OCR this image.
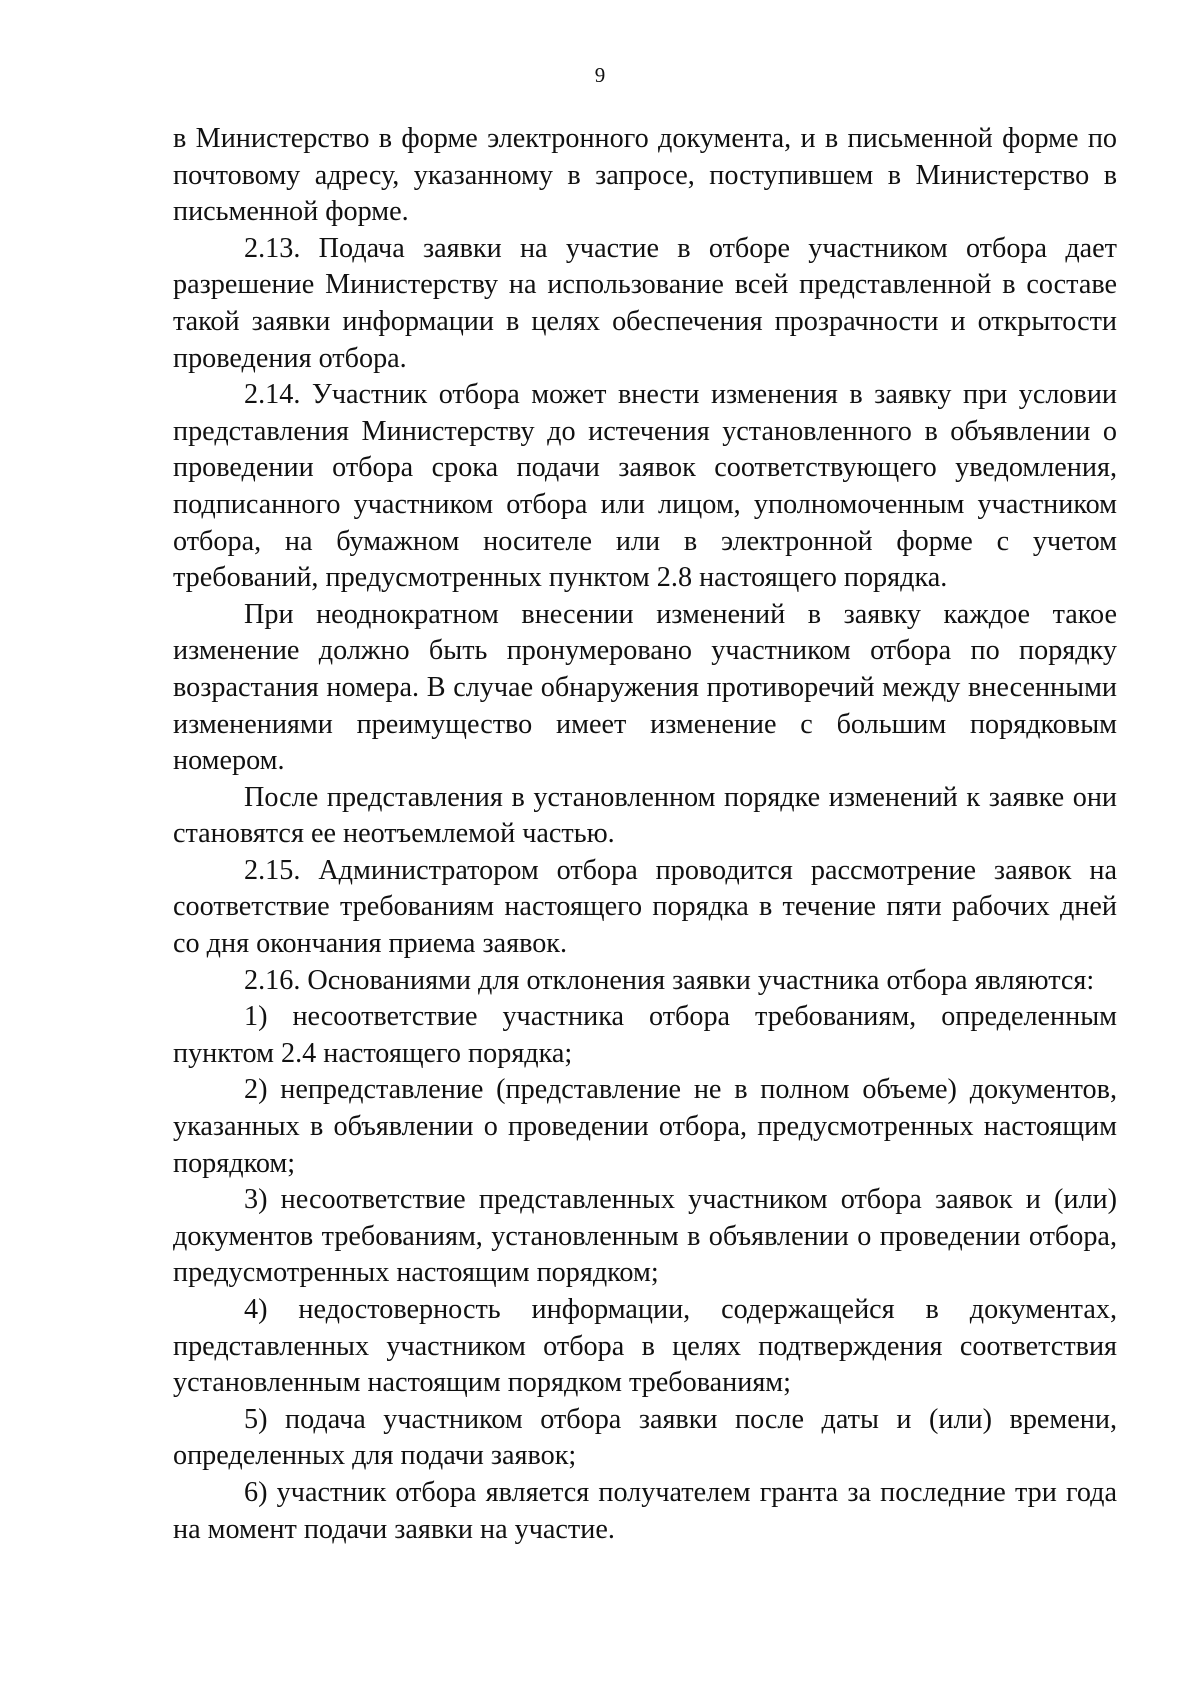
9

в Министерство в форме электронного документа, и в письменной форме по почтовому адресу, указанному в запросе, поступившем в Министерство в письменной форме.

2.13. Подача заявки на участие в отборе участником отбора дает разрешение Министерству на использование всей представленной в составе такой заявки информации в целях обеспечения прозрачности и открытости проведения отбора.

2.14. Участник отбора может внести изменения в заявку при условии представления Министерству до истечения установленного в объявлении о проведении отбора срока подачи заявок соответствующего уведомления, подписанного участником отбора или лицом, уполномоченным участником отбора, на бумажном носителе или в электронной форме с учетом требований, предусмотренных пунктом 2.8 настоящего порядка.

При неоднократном внесении изменений в заявку каждое такое изменение должно быть пронумеровано участником отбора по порядку возрастания номера. В случае обнаружения противоречий между внесенными изменениями преимущество имеет изменение с большим порядковым номером.

После представления в установленном порядке изменений к заявке они становятся ее неотъемлемой частью.

2.15. Администратором отбора проводится рассмотрение заявок на соответствие требованиям настоящего порядка в течение пяти рабочих дней со дня окончания приема заявок.

2.16. Основаниями для отклонения заявки участника отбора являются:

1) несоответствие участника отбора требованиям, определенным пунктом 2.4 настоящего порядка;

2) непредставление (представление не в полном объеме) документов, указанных в объявлении о проведении отбора, предусмотренных настоящим порядком;

3) несоответствие представленных участником отбора заявок и (или) документов требованиям, установленным в объявлении о проведении отбора, предусмотренных настоящим порядком;

4) недостоверность информации, содержащейся в документах, представленных участником отбора в целях подтверждения соответствия установленным настоящим порядком требованиям;

5) подача участником отбора заявки после даты и (или) времени, определенных для подачи заявок;

6) участник отбора является получателем гранта за последние три года на момент подачи заявки на участие.
